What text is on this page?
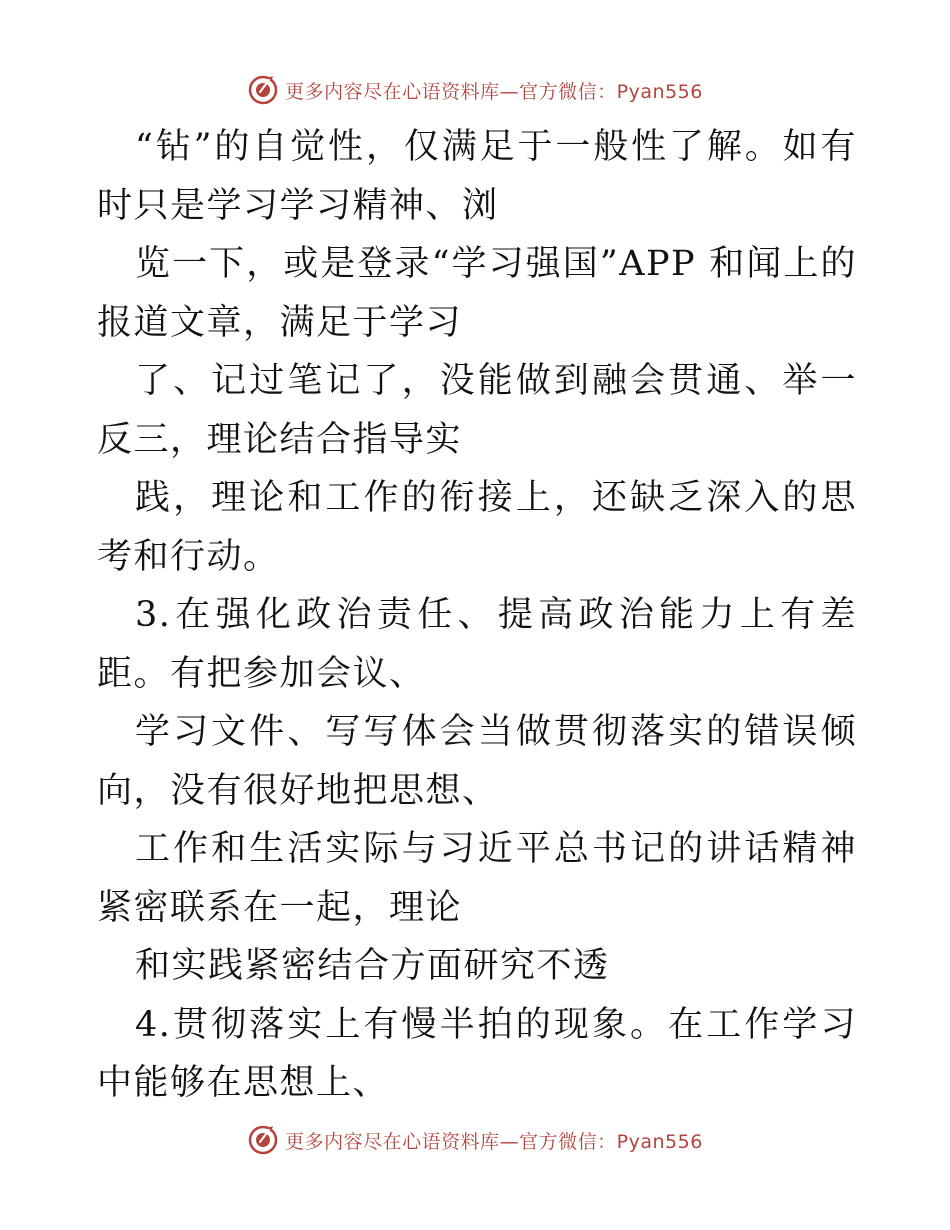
更多内容尽在心语资料库—官方微信：Pyan556

“钻”的自觉性，仅满足于一般性了解。如有时只是学习学习精神、浏

览一下，或是登录“学习强国”APP 和闻上的报道文章，满足于学习

了、记过笔记了，没能做到融会贯通、举一反三，理论结合指导实

践，理论和工作的衔接上，还缺乏深入的思考和行动。

3.在强化政治责任、提高政治能力上有差距。有把参加会议、

学习文件、写写体会当做贯彻落实的错误倾向，没有很好地把思想、

工作和生活实际与习近平总书记的讲话精神紧密联系在一起，理论

和实践紧密结合方面研究不透

4.贯彻落实上有慢半拍的现象。在工作学习中能够在思想上、

更多内容尽在心语资料库—官方微信：Pyan556
